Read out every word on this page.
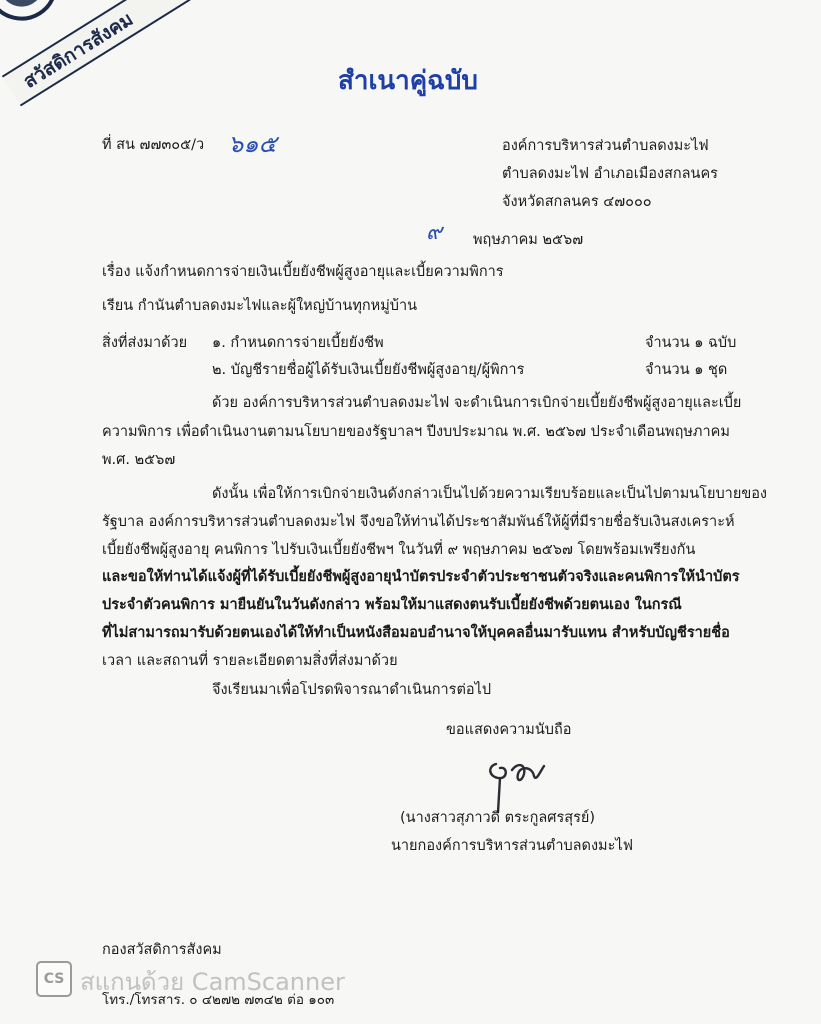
สวัสดิการสังคม	สำเนาคู่ฉบับ
ที่ สน ๗๗๓๐๕/ว ๖๑๕	องค์การบริหารส่วนตำบลดงมะไฟ
ตำบลดงมะไฟ อำเภอเมืองสกลนคร
จังหวัดสกลนคร ๔๗๐๐๐
๙ พฤษภาคม ๒๕๖๗
เรื่อง แจ้งกำหนดการจ่ายเงินเบี้ยยังชีพผู้สูงอายุและเบี้ยความพิการ
เรียน กำนันตำบลดงมะไฟและผู้ใหญ่บ้านทุกหมู่บ้าน
สิ่งที่ส่งมาด้วย ๑. กำหนดการจ่ายเบี้ยยังชีพ	จำนวน ๑ ฉบับ
๒. บัญชีรายชื่อผู้ได้รับเงินเบี้ยยังชีพผู้สูงอายุ/ผู้พิการ	จำนวน ๑ ชุด

ด้วย องค์การบริหารส่วนตำบลดงมะไฟ จะดำเนินการเบิกจ่ายเบี้ยยังชีพผู้สูงอายุและเบี้ย

ความพิการ เพื่อดำเนินงานตามนโยบายของรัฐบาลฯ ปีงบประมาณ พ.ศ. ๒๕๖๗ ประจำเดือนพฤษภาคม

พ.ศ. ๒๕๖๗

ดังนั้น เพื่อให้การเบิกจ่ายเงินดังกล่าวเป็นไปด้วยความเรียบร้อยและเป็นไปตามนโยบายของ

รัฐบาล องค์การบริหารส่วนตำบลดงมะไฟ จึงขอให้ท่านได้ประชาสัมพันธ์ให้ผู้ที่มีรายชื่อรับเงินสงเคราะห์

เบี้ยยังชีพผู้สูงอายุ คนพิการ ไปรับเงินเบี้ยยังชีพฯ ในวันที่ ๙ พฤษภาคม ๒๕๖๗ โดยพร้อมเพรียงกัน

และขอให้ท่านได้แจ้งผู้ที่ได้รับเบี้ยยังชีพผู้สูงอายุนำบัตรประจำตัวประชาชนตัวจริงและคนพิการให้นำบัตร

ประจำตัวคนพิการ มายืนยันในวันดังกล่าว พร้อมให้มาแสดงตนรับเบี้ยยังชีพด้วยตนเอง ในกรณี

ที่ไม่สามารถมารับด้วยตนเองได้ให้ทำเป็นหนังสือมอบอำนาจให้บุคคลอื่นมารับแทน สำหรับบัญชีรายชื่อ

เวลา และสถานที่ รายละเอียดตามสิ่งที่ส่งมาด้วย

จึงเรียนมาเพื่อโปรดพิจารณาดำเนินการต่อไป
ขอแสดงความนับถือ
(นางสาวสุภาวดี ตระกูลศรสุรย์)
นายกองค์การบริหารส่วนตำบลดงมะไฟ
กองสวัสดิการสังคม
โทร./โทรสาร. ๐ ๔๒๗๒ ๗๓๔๒ ต่อ ๑๐๓
CS สแกนด้วย CamScanner
